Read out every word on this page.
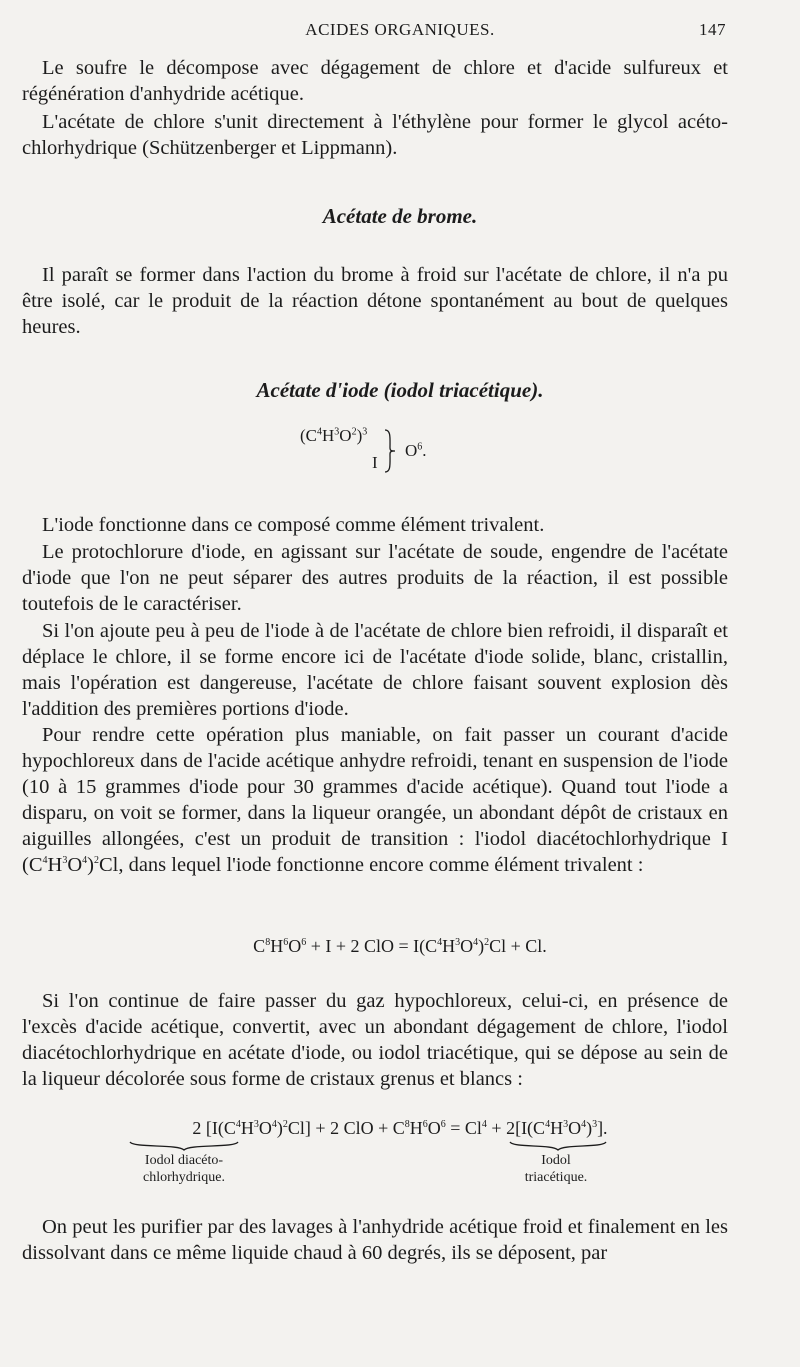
ACIDES ORGANIQUES.	147

Le soufre le décompose avec dégagement de chlore et d'acide sulfureux et régénération d'anhydride acétique.

L'acétate de chlore s'unit directement à l'éthylène pour former le glycol acéto-chlorhydrique (Schützenberger et Lippmann).

Acétate de brome.

Il paraît se former dans l'action du brome à froid sur l'acétate de chlore, il n'a pu être isolé, car le produit de la réaction détone spontanément au bout de quelques heures.

Acétate d'iode (iodol triacétique).
$(C^4H^3O^2)^3$
I
$O^6$.

L'iode fonctionne dans ce composé comme élément trivalent.

Le protochlorure d'iode, en agissant sur l'acétate de soude, engendre de l'acétate d'iode que l'on ne peut séparer des autres produits de la réaction, il est possible toutefois de le caractériser.

Si l'on ajoute peu à peu de l'iode à de l'acétate de chlore bien refroidi, il disparaît et déplace le chlore, il se forme encore ici de l'acétate d'iode solide, blanc, cristallin, mais l'opération est dangereuse, l'acétate de chlore faisant souvent explosion dès l'addition des premières portions d'iode.

Pour rendre cette opération plus maniable, on fait passer un courant d'acide hypochloreux dans de l'acide acétique anhydre refroidi, tenant en suspension de l'iode (10 à 15 grammes d'iode pour 30 grammes d'acide acétique). Quand tout l'iode a disparu, on voit se former, dans la liqueur orangée, un abondant dépôt de cristaux en aiguilles allongées, c'est un produit de transition : l'iodol diacétochlorhydrique I $(C^4H^3O^4)^2Cl$, dans lequel l'iode fonctionne encore comme élément trivalent :

$C^8H^6O^6 + I + 2$ ClO = $I(C^4H^3O^4)^2Cl + Cl$.

Si l'on continue de faire passer du gaz hypochloreux, celui-ci, en présence de l'excès d'acide acétique, convertit, avec un abondant dégagement de chlore, l'iodol diacétochlorhydrique en acétate d'iode, ou iodol triacétique, qui se dépose au sein de la liqueur décolorée sous forme de cristaux grenus et blancs :

2 $[I(C^4H^3O^4)^2Cl] + 2$ ClO + $C^8H^6O^6 = Cl^4 + 2[I(C^4H^3O^4)^3]$.
Iodol diacéto-
chlorhydrique.
Iodol
triacétique.

On peut les purifier par des lavages à l'anhydride acétique froid et finalement en les dissolvant dans ce même liquide chaud à 60 degrés, ils se déposent, par
